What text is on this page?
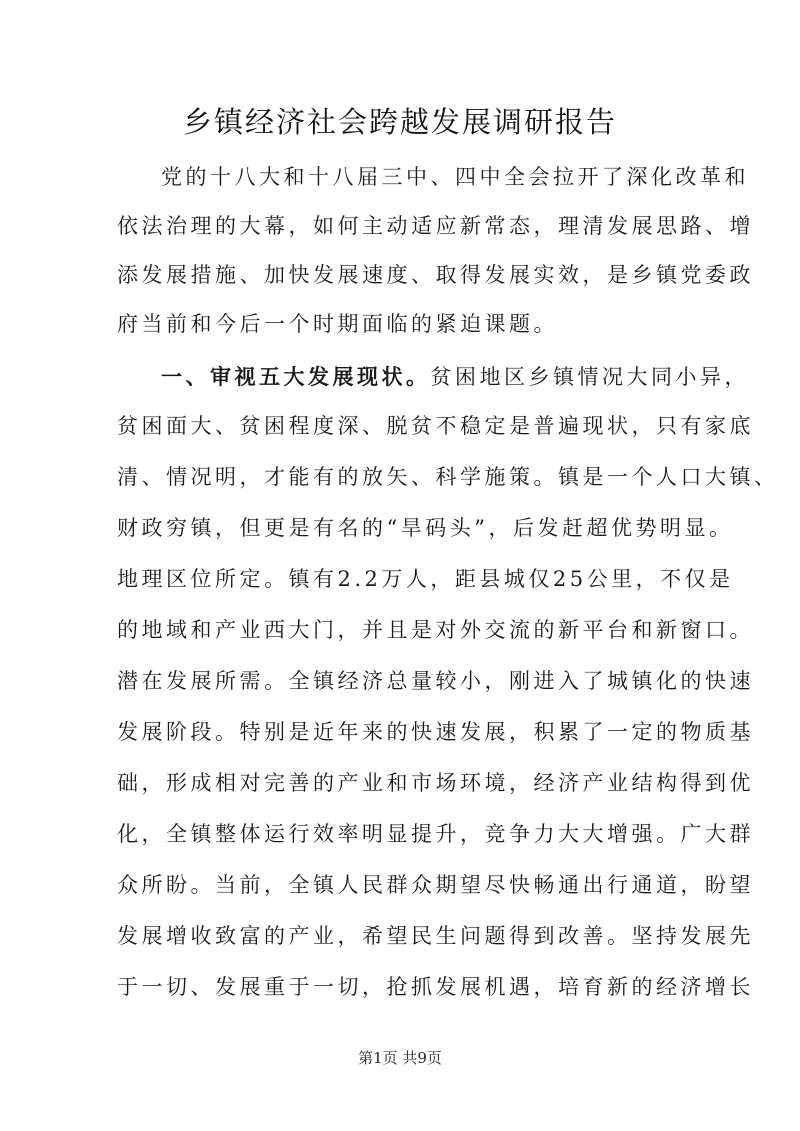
乡镇经济社会跨越发展调研报告
党的十八大和十八届三中、四中全会拉开了深化改革和
依法治理的大幕，如何主动适应新常态，理清发展思路、增
添发展措施、加快发展速度、取得发展实效，是乡镇党委政
府当前和今后一个时期面临的紧迫课题。
一、审视五大发展现状。贫困地区乡镇情况大同小异，
贫困面大、贫困程度深、脱贫不稳定是普遍现状，只有家底
清、情况明，才能有的放矢、科学施策。镇是一个人口大镇、
财政穷镇，但更是有名的“旱码头”，后发赶超优势明显。
地理区位所定。镇有2.2万人，距县城仅25公里，不仅是
的地域和产业西大门，并且是对外交流的新平台和新窗口。
潜在发展所需。全镇经济总量较小，刚进入了城镇化的快速
发展阶段。特别是近年来的快速发展，积累了一定的物质基
础，形成相对完善的产业和市场环境，经济产业结构得到优
化，全镇整体运行效率明显提升，竞争力大大增强。广大群
众所盼。当前，全镇人民群众期望尽快畅通出行通道，盼望
发展增收致富的产业，希望民生问题得到改善。坚持发展先
于一切、发展重于一切，抢抓发展机遇，培育新的经济增长
第1页 共9页
